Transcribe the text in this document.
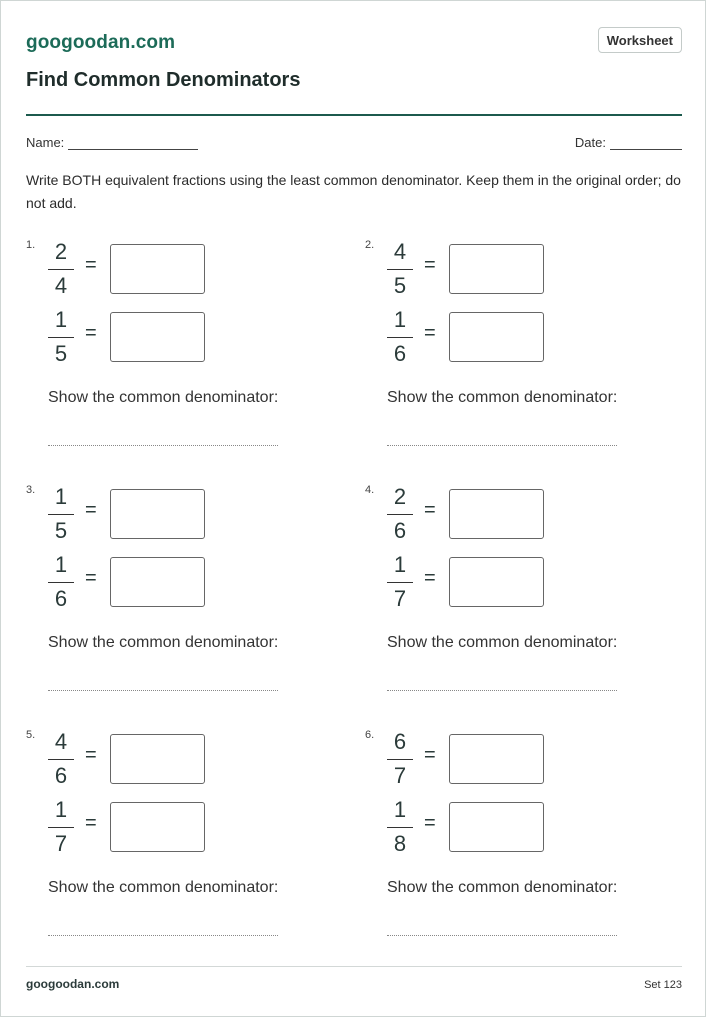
googoodan.com	Worksheet
Find Common Denominators
Name:	Date:
Write BOTH equivalent fractions using the least common denominator. Keep them in the original order; do not add.
1. 2
4
=
1
5
=
Show the common denominator:
2. 4
5
=
1
6
=
Show the common denominator:
3. 1
5
=
1
6
=
Show the common denominator:
4. 2
6
=
1
7
=
Show the common denominator:
5. 4
6
=
1
7
=
Show the common denominator:
6. 6
7
=
1
8
=
Show the common denominator:
googoodan.com	Set 123
